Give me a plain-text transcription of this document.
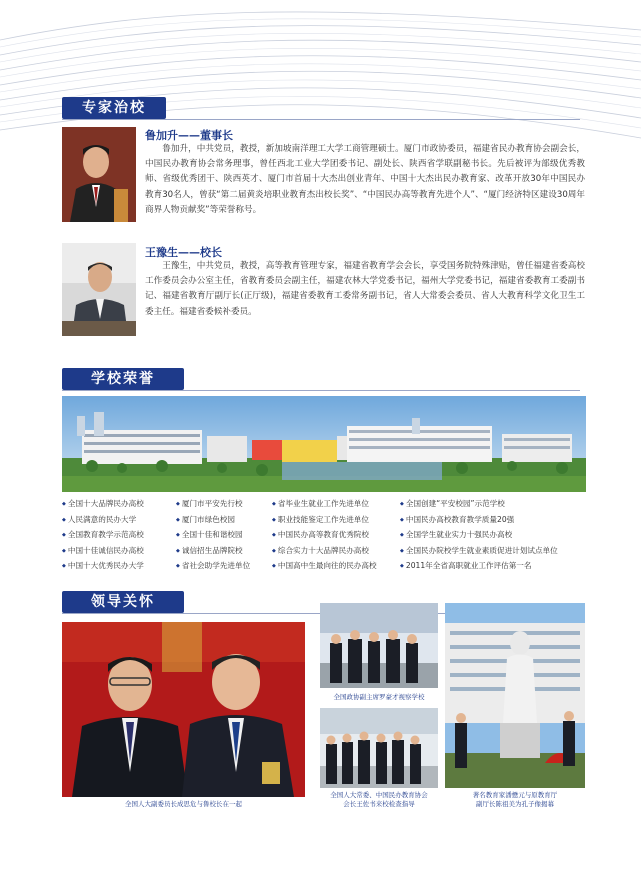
专家治校
鲁加升——董事长
鲁加升，中共党员，教授，新加坡南洋理工大学工商管理硕士。厦门市政协委员，福建省民办教育协会副会长，中国民办教育协会常务理事，曾任西北工业大学团委书记、副处长、陕西省学联副秘书长。先后被评为部级优秀教师、省级优秀团干、陕西英才、厦门市首届十大杰出创业青年、中国十大杰出民办教育家、改革开放30年中国民办教育30名人，曾获“第二届黄炎培职业教育杰出校长奖”、“中国民办高等教育先进个人”、“厦门经济特区建设30周年商界人物贡献奖”等荣誉称号。
王豫生——校长
王豫生，中共党员，教授，高等教育管理专家，福建省教育学会会长，享受国务院特殊津贴，曾任福建省委高校工作委员会办公室主任，省教育委员会副主任，福建农林大学党委书记，福州大学党委书记，福建省委教育工委副书记、福建省教育厅副厅长(正厅级)，福建省委教育工委常务副书记，省人大常委会委员、省人大教育科学文化卫生工委主任。福建省委候补委员。
学校荣誉
◆ 全国十大品牌民办高校	◆ 厦门市平安先行校	◆ 省毕业生就业工作先进单位	◆ 全国创建“平安校园”示范学校
◆ 人民满意的民办大学	◆ 厦门市绿色校园	◆ 职业技能鉴定工作先进单位	◆ 中国民办高校教育教学质量20强
◆ 全国教育教学示范高校	◆ 全国十佳和谐校园	◆ 中国民办高等教育优秀院校	◆ 全国学生就业实力十强民办高校
◆ 中国十佳诚信民办高校	◆ 诚信招生品牌院校	◆ 综合实力十大品牌民办高校	◆ 全国民办院校学生就业素质促进计划试点单位
◆ 中国十大优秀民办大学	◆ 省社会助学先进单位	◆ 中国高中生最向往的民办高校	◆ 2011年全省高职就业工作评估第一名
领导关怀
全国人大副委员长成思危与鲁校长在一起
全国政协副主席罗豪才视察学校
全国人大常委、中国民办教育协会
会长王佐书来校检查指导
著名教育家潘懋元与原教育厅
副厅长陈祖美为孔子像揭幕
